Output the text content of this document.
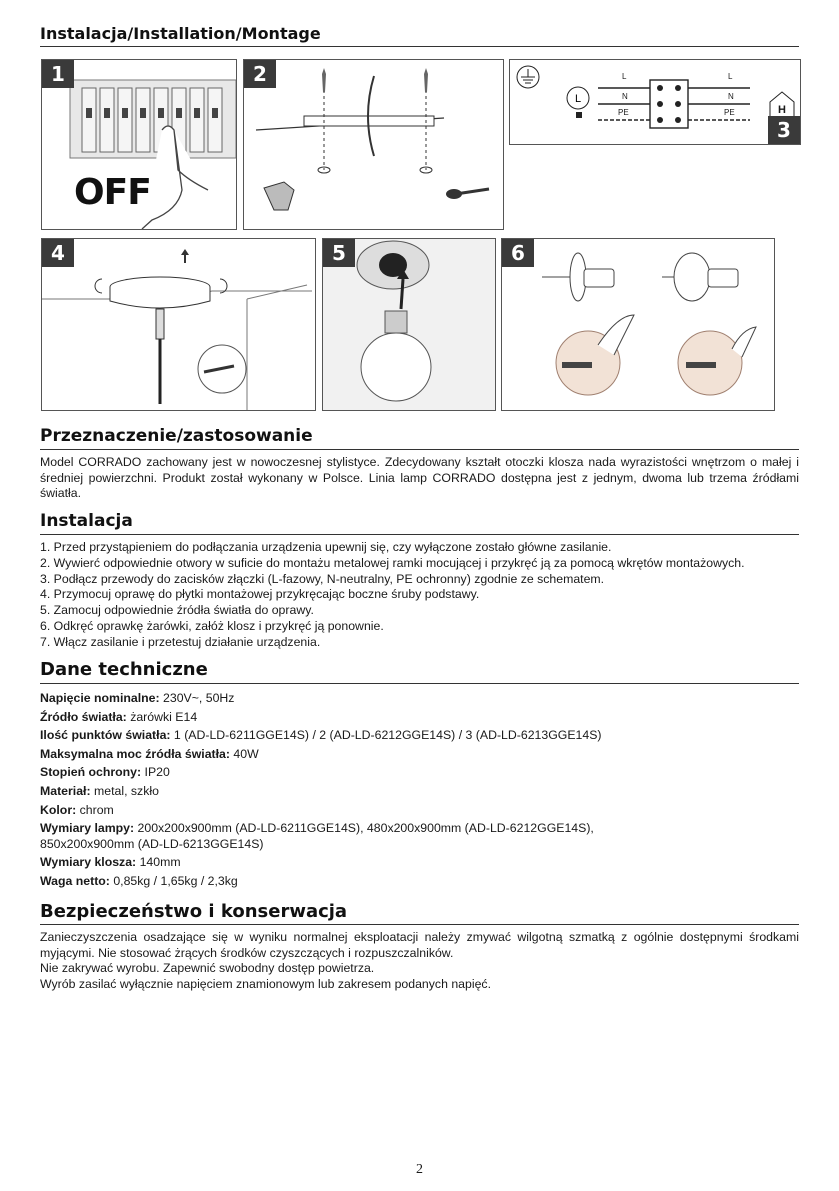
Instalacja/Installation/Montage
1
OFF
2
L
L
N
PE
L
N
PE	H
3
4	5	6
Przeznaczenie/zastosowanie

Model CORRADO zachowany jest w nowoczesnej stylistyce. Zdecydowany kształt otoczki klosza nada wyrazistości wnętrzom o małej i średniej powierzchni. Produkt został wykonany w Polsce. Linia lamp CORRADO dostępna jest z jednym, dwoma lub trzema źródłami światła.

Instalacja
1. Przed przystąpieniem do podłączania urządzenia upewnij się, czy wyłączone zostało główne zasilanie.
2. Wywierć odpowiednie otwory w suficie do montażu metalowej ramki mocującej i przykręć ją za pomocą wkrętów montażowych.
3. Podłącz przewody do zacisków złączki (L-fazowy, N-neutralny, PE ochronny) zgodnie ze schematem.
4. Przymocuj oprawę do płytki montażowej przykręcając boczne śruby podstawy.
5. Zamocuj odpowiednie źródła światła do oprawy.
6. Odkręć oprawkę żarówki, załóż klosz i przykręć ją ponownie.
7. Włącz zasilanie i przetestuj działanie urządzenia.
Dane techniczne
Napięcie nominalne: 230V~, 50Hz
Źródło światła: żarówki E14
Ilość punktów światła: 1 (AD-LD-6211GGE14S) / 2 (AD-LD-6212GGE14S) / 3 (AD-LD-6213GGE14S)
Maksymalna moc źródła światła: 40W
Stopień ochrony: IP20
Materiał: metal, szkło
Kolor: chrom
Wymiary lampy: 200x200x900mm (AD-LD-6211GGE14S), 480x200x900mm (AD-LD-6212GGE14S),
850x200x900mm (AD-LD-6213GGE14S)
Wymiary klosza: 140mm
Waga netto: 0,85kg / 1,65kg / 2,3kg
Bezpieczeństwo i konserwacja

Zanieczyszczenia osadzające się w wyniku normalnej eksploatacji należy zmywać wilgotną szmatką z ogólnie dostępnymi środkami myjącymi. Nie stosować żrących środków czyszczących i rozpuszczalników.

Nie zakrywać wyrobu. Zapewnić swobodny dostęp powietrza.

Wyrób zasilać wyłącznie napięciem znamionowym lub zakresem podanych napięć.

2
